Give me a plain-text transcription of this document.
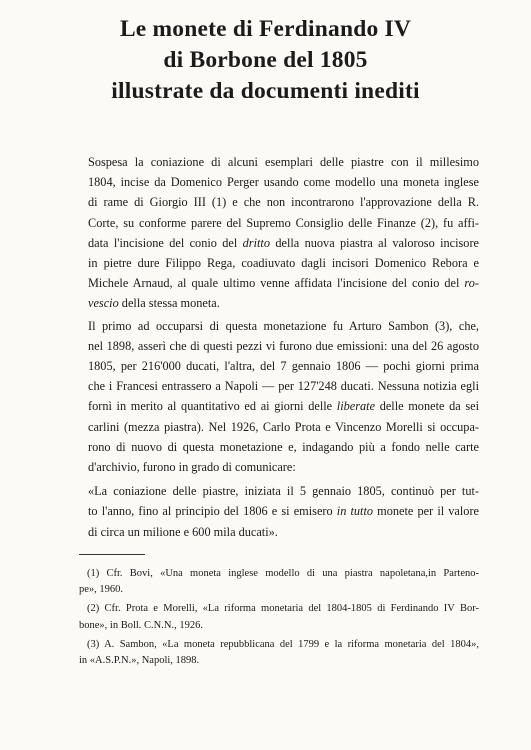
Le monete di Ferdinando IV
di Borbone del 1805
illustrate da documenti inediti

Sospesa la coniazione di alcuni esemplari delle piastre con il millesimo
1804, incise da Domenico Perger usando come modello una moneta inglese
di rame di Giorgio III (1) e che non incontrarono l'approvazione della R.
Corte, su conforme parere del Supremo Consiglio delle Finanze (2), fu affi-
data l'incisione del conio del dritto della nuova piastra al valoroso incisore
in pietre dure Filippo Rega, coadiuvato dagli incisori Domenico Rebora e
Michele Arnaud, al quale ultimo venne affidata l'incisione del conio del ro-
vescio della stessa moneta.

Il primo ad occuparsi di questa monetazione fu Arturo Sambon (3), che,
nel 1898, asserì che di questi pezzi vi furono due emissioni: una del 26 agosto
1805, per 216'000 ducati, l'altra, del 7 gennaio 1806 — pochi giorni prima
che i Francesi entrassero a Napoli — per 127'248 ducati. Nessuna notizia egli
fornì in merito al quantitativo ed ai giorni delle liberate delle monete da sei
carlini (mezza piastra). Nel 1926, Carlo Prota e Vincenzo Morelli si occupa-
rono di nuovo di questa monetazione e, indagando più a fondo nelle carte
d'archivio, furono in grado di comunicare:

«La coniazione delle piastre, iniziata il 5 gennaio 1805, continuò per tut-
to l'anno, fino al principio del 1806 e si emisero in tutto monete per il valore
di circa un milione e 600 mila ducati».

(1) Cfr. Bovi, «Una moneta inglese modello di una piastra napoletana,in Parteno-
pe», 1960.
(2) Cfr. Prota e Morelli, «La riforma monetaria del 1804-1805 di Ferdinando IV Bor-
bone», in Boll. C.N.N., 1926.
(3) A. Sambon, «La moneta repubblicana del 1799 e la riforma monetaria del 1804»,
in «A.S.P.N.», Napoli, 1898.
